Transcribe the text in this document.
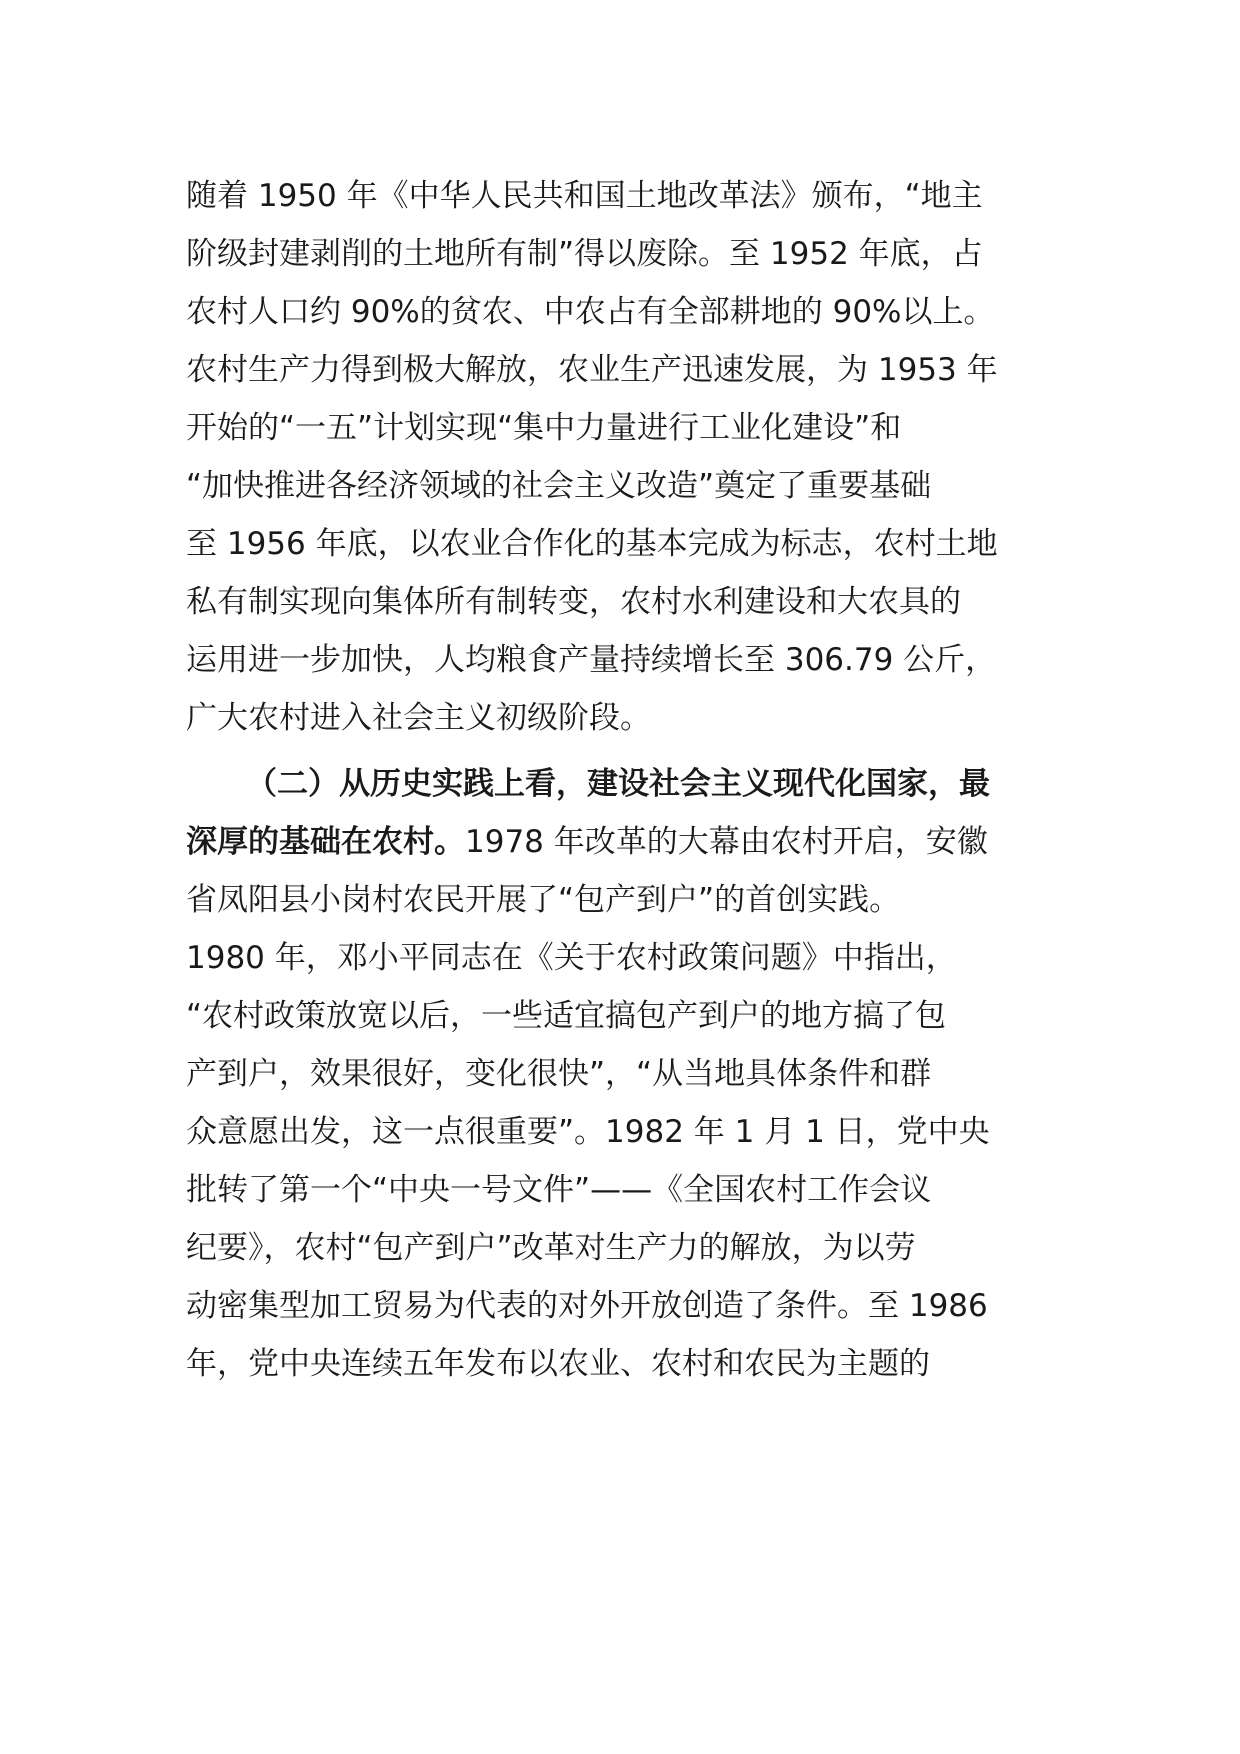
随着 1950 年《中华人民共和国土地改革法》颁布，“地主
阶级封建剥削的土地所有制”得以废除。至 1952 年底，占
农村人口约 90%的贫农、中农占有全部耕地的 90%以上。
农村生产力得到极大解放，农业生产迅速发展，为 1953 年
开始的“一五”计划实现“集中力量进行工业化建设”和
“加快推进各经济领域的社会主义改造”奠定了重要基础
至 1956 年底，以农业合作化的基本完成为标志，农村土地
私有制实现向集体所有制转变，农村水利建设和大农具的
运用进一步加快，人均粮食产量持续增长至 306.79 公斤，
广大农村进入社会主义初级阶段。
（二）从历史实践上看，建设社会主义现代化国家，最
深厚的基础在农村。1978 年改革的大幕由农村开启，安徽
省凤阳县小岗村农民开展了“包产到户”的首创实践。
1980 年，邓小平同志在《关于农村政策问题》中指出，
“农村政策放宽以后，一些适宜搞包产到户的地方搞了包
产到户，效果很好，变化很快”，“从当地具体条件和群
众意愿出发，这一点很重要”。1982 年 1 月 1 日，党中央
批转了第一个“中央一号文件”——《全国农村工作会议
纪要》，农村“包产到户”改革对生产力的解放，为以劳
动密集型加工贸易为代表的对外开放创造了条件。至 1986
年，党中央连续五年发布以农业、农村和农民为主题的
